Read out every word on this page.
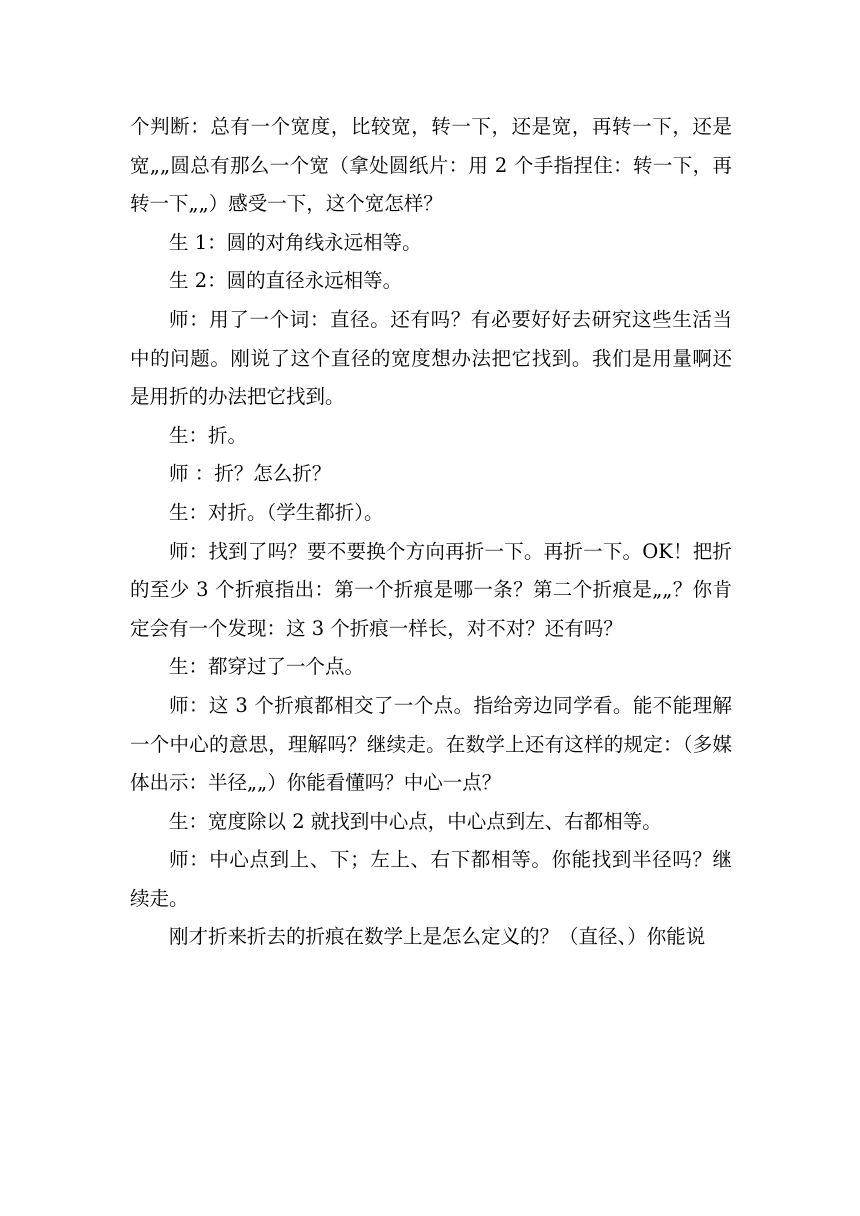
个判断：总有一个宽度，比较宽，转一下，还是宽，再转一下，还是宽„„圆总有那么一个宽（拿处圆纸片：用 2 个手指捏住：转一下，再转一下„„）感受一下，这个宽怎样？

生 1：圆的对角线永远相等。

生 2：圆的直径永远相等。

师：用了一个词：直径。还有吗？有必要好好去研究这些生活当中的问题。刚说了这个直径的宽度想办法把它找到。我们是用量啊还是用折的办法把它找到。

生：折。

师 ：折？怎么折？

生：对折。（学生都折）。

师：找到了吗？要不要换个方向再折一下。再折一下。OK！把折的至少 3 个折痕指出：第一个折痕是哪一条？第二个折痕是„„？你肯定会有一个发现：这 3 个折痕一样长，对不对？还有吗？

生：都穿过了一个点。

师：这 3 个折痕都相交了一个点。指给旁边同学看。能不能理解一个中心的意思，理解吗？继续走。在数学上还有这样的规定：（多媒体出示：半径„„）你能看懂吗？中心一点？

生：宽度除以 2 就找到中心点，中心点到左、右都相等。

师：中心点到上、下；左上、右下都相等。你能找到半径吗？继续走。

刚才折来折去的折痕在数学上是怎么定义的？（直径、）你能说
